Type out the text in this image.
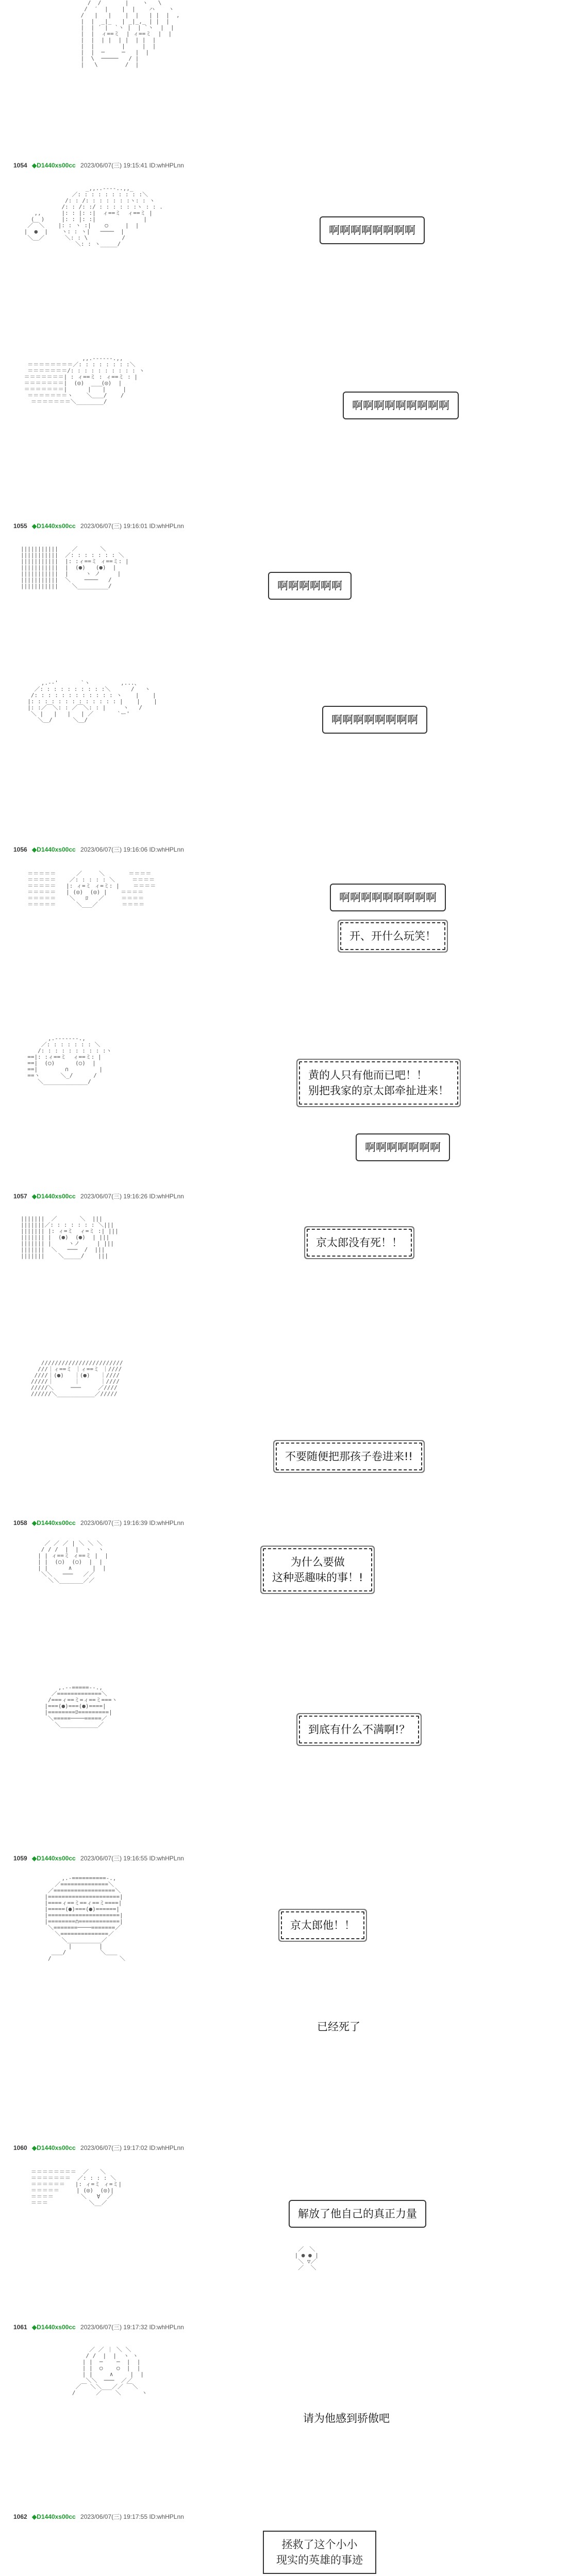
/  /       |    ヽ   \
/  ′  |    |  |    ハ    ヽ
/   |   |    |  |   | |  |  ,
|  |  _|_   | _|_,_ | |  |
|  | ´ |  `ヽ |  | `ヽ  |  |
|  |  ィ==ミ  | ィ==ミ  |  |
|  |  | |  | |  | |  |
|  |        |     |  |
|  |  ─     ─   |  |
|  \  ─────   / |
|   \        /  |

1054 ◆D1440xs00cc 2023/06/07(三) 19:15:41 ID:whHPLnn
_,,..-‐‐-..,,_
／: : : : : : : : : :＼
/: : /: : : : : : :ヽ: : ヽ
/: : /: :/ : : : : : :ヽ : : .
,,      |: : |: :|  ィ==ミ  ィ==ミ |
(  )     |: : |: :|              |
／￣＼    |: : ヽ :|    ○     |  |
|  ●  |    ヽ: : ヽ|   ────  |
＼＿／      ＼: : \          /
＼: : ヽ_____/

啊啊啊啊啊啊啊啊
,,.-‐‐‐‐-.,,
＝＝＝＝＝＝＝＝／: : : : : : : :＼
＝＝＝＝＝＝＝/: : : : : : : : : : ヽ
＝＝＝＝＝＝＝| : ィ==ミ : ィ==ミ : |
＝＝＝＝＝＝＝|  (◎)     (◎)  |
＝＝＝＝＝＝＝|      |￣￣|     |
＝＝＝＝＝＝＝ヽ    ＼＿＿/    /
＝＝＝＝＝＝＝＼________/	啊啊啊啊啊啊啊啊啊
1055 ◆D1440xs00cc 2023/06/07(三) 19:16:01 ID:whHPLnn
|||||||||||    ／￣￣￣￣＼
|||||||||||  ／: : : : : : : ＼
|||||||||||  |: :ィ==ミ ィ==ミ: |
|||||||||||  |  (●)   (●)  |
|||||||||||  |     ヽ ノ     |
|||||||||||  ＼    ────   /
|||||||||||    ＼_________/	啊啊啊啊啊啊
,.-‐'￣￣￣￣`ヽ         ,...、
／: : : : : : : : : :＼      /   ヽ
/: : : : : : : : : : : : ヽ    |    |
|: : : : : : : : : : : : : |    |    |
|: :／￣＼: : ／￣＼: : |     ヽ   /
＼ |   |   |   | ／       `ー'
＼＿/      ＼＿/	啊啊啊啊啊啊啊啊
1056 ◆D1440xs00cc 2023/06/07(三) 19:16:06 ID:whHPLnn
＝＝＝＝＝      ／￣￣￣＼       ＝＝＝＝
＝＝＝＝＝    ／: : : : : ＼     ＝＝＝＝
＝＝＝＝＝   |: ィ=ミ ィ=ミ: |    ＝＝＝＝
＝＝＝＝＝   | (◎)  (◎) |    ＝＝＝＝
＝＝＝＝＝    ＼   ﾛ   ／     ＝＝＝＝
＝＝＝＝＝      ＼___／       ＝＝＝＝

啊啊啊啊啊啊啊啊啊
开、开什么玩笑！
,.-‐‐‐‐‐-.,
／: : : : : : : ＼
/: : : : : : : : : :ヽ
==|: :ィ==ミ  ィ==ミ: |
==|  (○)      (○)  |
==|        ∩         |
==ヽ      ＼_/      /
＼_____________/

黄的人只有他而已吧！！
别把我家的京太郎牵扯进来！
啊啊啊啊啊啊啊
1057 ◆D1440xs00cc 2023/06/07(三) 19:16:26 ID:whHPLnn
|||||||  ／￣￣￣￣＼  |||
|||||||／: : : : : : : ＼|||
||||||| |: ィ=ミ  ィ=ミ :| |||
||||||| |  (●)  (●)  | |||
||||||| |     ヽノ     | |||
|||||||  ＼   ───  /  |||
|||||||    ＼_____/    |||

京太郎没有死！！
////////////////////////
///｜ィ==ミ ｜ィ==ミ ｜////
////｜(●)   ｜(●)   ｜////
/////｜      ｜      ｜////
/////＼     ───     ／////
//////＼___________／/////

不要随便把那孩子卷进来!!
1058 ◆D1440xs00cc 2023/06/07(三) 19:16:39 ID:whHPLnn
／ ／ ／ | ＼ ＼ ＼
/ / /  |  |  ヽ  ヽ
| | ィ==ミ ィ==ミ |  |
| |  (○)  (○)  |  |
| |      ∧      |  |
＼＼   ───   ／／
＼＼_______／／

为什么要做
这种恶趣味的事！!
,.-‐=====‐-.,
／=============＼
/===ィ==ミ=ィ==ミ===ヽ
|===(●)===(●)====|
|========ﾛ=========|
＼=====────=====／
＼___________／	到底有什么不满啊!？
1059 ◆D1440xs00cc 2023/06/07(三) 19:16:55 ID:whHPLnn
,.-==========-.,
／==============＼
／==================＼
|=====================|
|====ィ==ミ==ィ==ミ====|
|=====(●)===(●)======|
|=====================|
|========∩============|
＼=======────=======／
＼==============／
＼__________／
|        |
＿＿/          ＼＿＿
/                    ＼

京太郎他！！
已经死了
1060 ◆D1440xs00cc 2023/06/07(三) 19:17:02 ID:whHPLnn
＝＝＝＝＝＝＝＝  ／￣￣＼
＝＝＝＝＝＝＝  ／: : : : ＼
＝＝＝＝＝＝   |: ィ=ミ ィ=ミ|
＝＝＝＝＝     | (◎)  (◎)|
＝＝＝＝        ＼   ∀  ／
＝＝＝            ＼__／

解放了他自己的真正力量
／￣＼
| ● ● |
＼ ▽／
／  ＼

1061 ◆D1440xs00cc 2023/06/07(三) 19:17:32 ID:whHPLnn
／ ／ ｜ ＼ ＼
/ /  |  |  ヽ ヽ
| |  ─    ─  |  |
| |  ○    ○  |  |
| |     ∧     |  |
＼＼  ───  ／／
／￣ ＼＼___／／ ￣＼
/      ／    ＼      ヽ

请为他感到骄傲吧
1062 ◆D1440xs00cc 2023/06/07(三) 19:17:55 ID:whHPLnn
拯救了这个小小
现实的英雄的事迹
